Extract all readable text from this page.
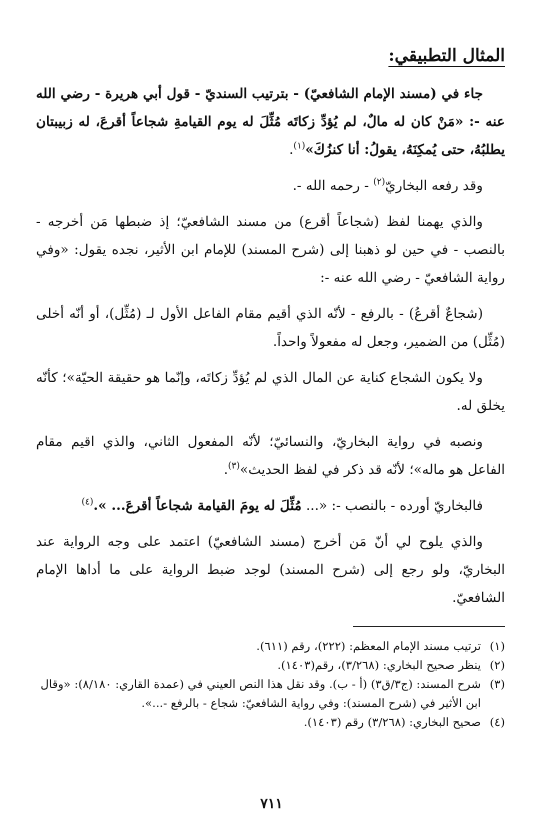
المثال التطبيقي:

جاء في (مسند الإمام الشافعيّ) - بترتيب السنديّ - قول أبي هريرة - رضي الله عنه -: «مَنْ كان له مالٌ، لم يُؤدِّ زكاتَه مُثِّلَ له يوم القيامةِ شجاعاً أقرعَ، له زبيبتان يطلبُهُ، حتى يُمكِنَهُ، يقولُ: أنا كنزُكَ»$^{(١)}$.

وقد رفعه البخاريّ$^{(٢)}$ - رحمه الله -.

والذي يهمنا لفظ (شجاعاً أقرع) من مسند الشافعيّ؛ إذ ضبطها مَن أخرجه - بالنصب - في حين لو ذهبنا إلى (شرح المسند) للإمام ابن الأثير، نجده يقول: «وفي رواية الشافعيّ - رضي الله عنه -:

(شجاعٌ أقرعُ) - بالرفع - لأنّه الذي أقيم مقام الفاعل الأول لـ (مُثِّل)، أو أنّه أخلى (مُثِّل) من الضمير، وجعل له مفعولاً واحداً.

ولا يكون الشجاع كناية عن المال الذي لم يُؤدِّ زكاتَه، وإنّما هو حقيقة الحيّة»؛ كأنّه يخلق له.

ونصبه في رواية البخاريّ، والنسائيّ؛ لأنّه المفعول الثاني، والذي اقيم مقام الفاعل هو ماله»؛ لأنّه قد ذكر في لفظ الحديث»$^{(٣)}$.

فالبخاريّ أورده - بالنصب -: «... مُثِّلَ له يومَ القيامة شجاعاً أقرعَ... ».$^{(٤)}$

والذي يلوح لي أنّ مَن أخرج (مسند الشافعيّ) اعتمد على وجه الرواية عند البخاريّ، ولو رجع إلى (شرح المسند) لوجد ضبط الرواية على ما أداها الإمام الشافعيّ.

(١)
ترتيب مسند الإمام المعظم: (٢٢٢)، رقم (٦١١).

(٢)
ينظر صحيح البخاري: (٣/٢٦٨)، رقم(١٤٠٣).

(٣)
شرح المسند: (ج٣/ق٣) (أ - ب). وقد نقل هذا النص العيني في (عمدة القاري: ٨/١٨٠): «وقال ابن الأثير في (شرح المسند): وفي رواية الشافعيّ: شجاع - بالرفع -...».

(٤)
صحيح البخاري: (٣/٢٦٨) رقم (١٤٠٣).

٧١١
